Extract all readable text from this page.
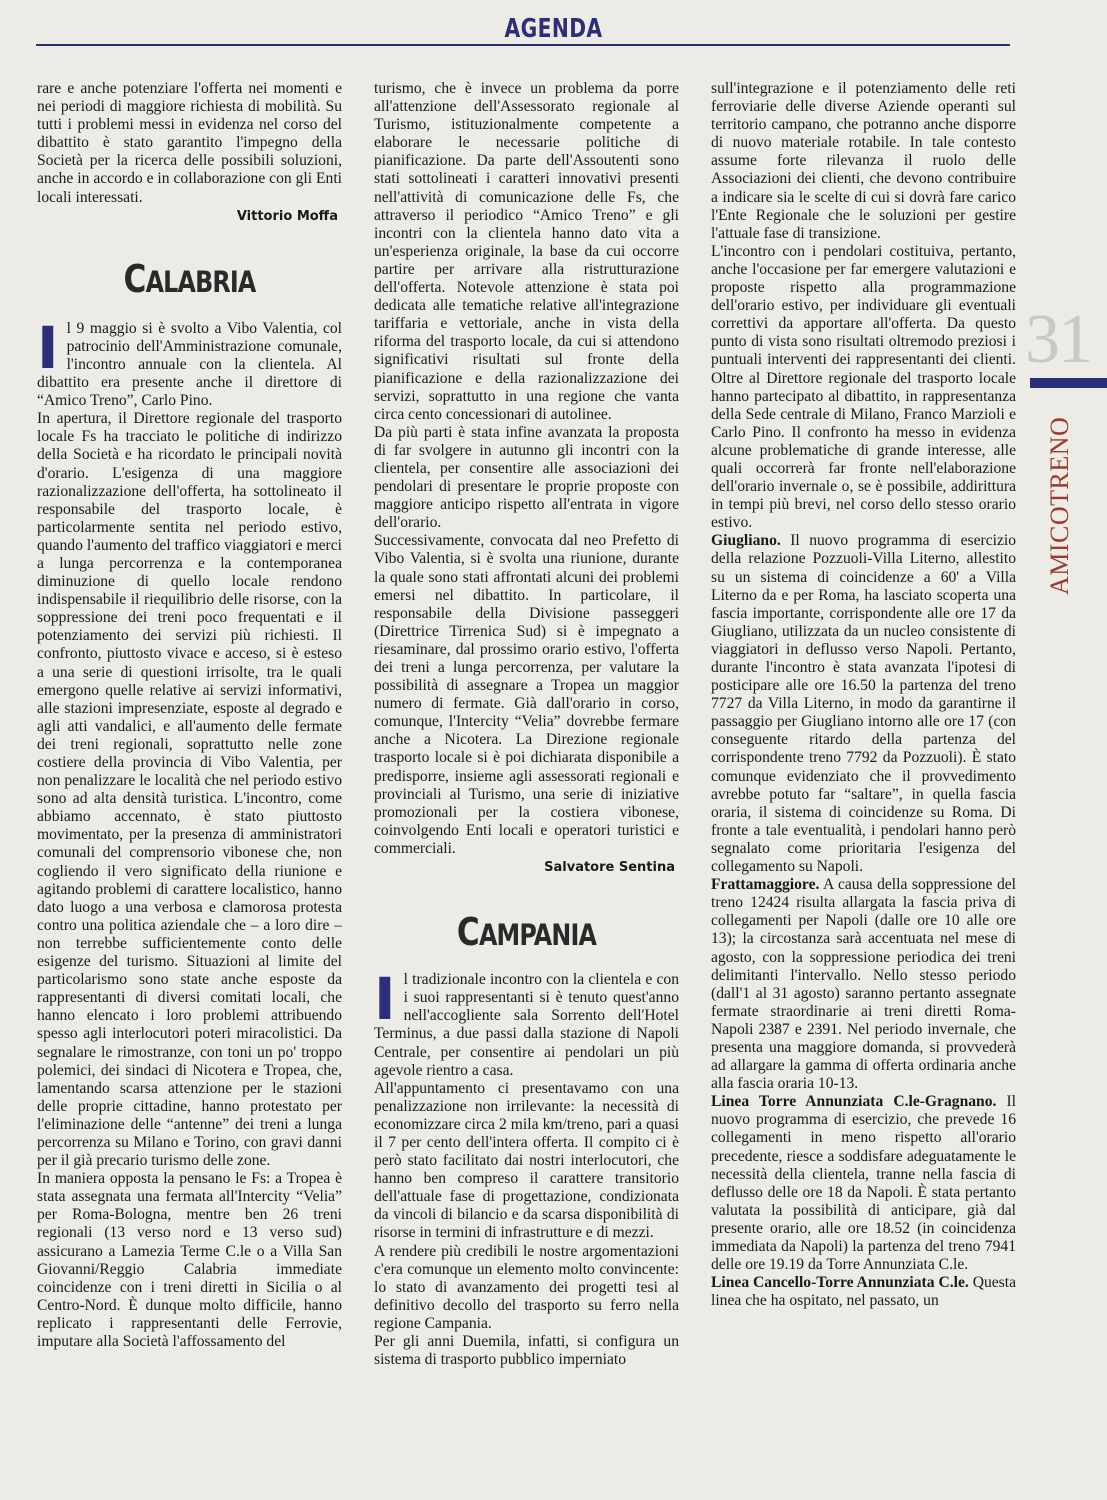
AGENDA

rare e anche potenziare l'offerta nei momenti e nei periodi di maggiore richiesta di mobilità. Su tutti i problemi messi in evidenza nel corso del dibattito è stato garantito l'impegno della Società per la ricerca delle possibili soluzioni, anche in accordo e in collaborazione con gli Enti locali interessati.

Vittorio Moffa
CALABRIA

Il 9 maggio si è svolto a Vibo Valentia, col patrocinio dell'Amministrazione comunale, l'incontro annuale con la clientela. Al dibattito era presente anche il direttore di “Amico Treno”, Carlo Pino.

In apertura, il Direttore regionale del trasporto locale Fs ha tracciato le politiche di indirizzo della Società e ha ricordato le principali novità d'orario. L'esigenza di una maggiore razionalizzazione dell'offerta, ha sottolineato il responsabile del trasporto locale, è particolarmente sentita nel periodo estivo, quando l'aumento del traffico viaggiatori e merci a lunga percorrenza e la contemporanea diminuzione di quello locale rendono indispensabile il riequilibrio delle risorse, con la soppressione dei treni poco frequentati e il potenziamento dei servizi più richiesti. Il confronto, piuttosto vivace e acceso, si è esteso a una serie di questioni irrisolte, tra le quali emergono quelle relative ai servizi informativi, alle stazioni impresenziate, esposte al degrado e agli atti vandalici, e all'aumento delle fermate dei treni regionali, soprattutto nelle zone costiere della provincia di Vibo Valentia, per non penalizzare le località che nel periodo estivo sono ad alta densità turistica. L'incontro, come abbiamo accennato, è stato piuttosto movimentato, per la presenza di amministratori comunali del comprensorio vibonese che, non cogliendo il vero significato della riunione e agitando problemi di carattere localistico, hanno dato luogo a una verbosa e clamorosa protesta contro una politica aziendale che – a loro dire – non terrebbe sufficientemente conto delle esigenze del turismo. Situazioni al limite del particolarismo sono state anche esposte da rappresentanti di diversi comitati locali, che hanno elencato i loro problemi attribuendo spesso agli interlocutori poteri miracolistici. Da segnalare le rimostranze, con toni un po' troppo polemici, dei sindaci di Nicotera e Tropea, che, lamentando scarsa attenzione per le stazioni delle proprie cittadine, hanno protestato per l'eliminazione delle “antenne” dei treni a lunga percorrenza su Milano e Torino, con gravi danni per il già precario turismo delle zone.

In maniera opposta la pensano le Fs: a Tropea è stata assegnata una fermata all'Intercity “Velia” per Roma-Bologna, mentre ben 26 treni regionali (13 verso nord e 13 verso sud) assicurano a Lamezia Terme C.le o a Villa San Giovanni/Reggio Calabria immediate coincidenze con i treni diretti in Sicilia o al Centro-Nord. È dunque molto difficile, hanno replicato i rappresentanti delle Ferrovie, imputare alla Società l'affossamento del

turismo, che è invece un problema da porre all'attenzione dell'Assessorato regionale al Turismo, istituzionalmente competente a elaborare le necessarie politiche di pianificazione. Da parte dell'Assoutenti sono stati sottolineati i caratteri innovativi presenti nell'attività di comunicazione delle Fs, che attraverso il periodico “Amico Treno” e gli incontri con la clientela hanno dato vita a un'esperienza originale, la base da cui occorre partire per arrivare alla ristrutturazione dell'offerta. Notevole attenzione è stata poi dedicata alle tematiche relative all'integrazione tariffaria e vettoriale, anche in vista della riforma del trasporto locale, da cui si attendono significativi risultati sul fronte della pianificazione e della razionalizzazione dei servizi, soprattutto in una regione che vanta circa cento concessionari di autolinee.

Da più parti è stata infine avanzata la proposta di far svolgere in autunno gli incontri con la clientela, per consentire alle associazioni dei pendolari di presentare le proprie proposte con maggiore anticipo rispetto all'entrata in vigore dell'orario.

Successivamente, convocata dal neo Prefetto di Vibo Valentia, si è svolta una riunione, durante la quale sono stati affrontati alcuni dei problemi emersi nel dibattito. In particolare, il responsabile della Divisione passeggeri (Direttrice Tirrenica Sud) si è impegnato a riesaminare, dal prossimo orario estivo, l'offerta dei treni a lunga percorrenza, per valutare la possibilità di assegnare a Tropea un maggior numero di fermate. Già dall'orario in corso, comunque, l'Intercity “Velia” dovrebbe fermare anche a Nicotera. La Direzione regionale trasporto locale si è poi dichiarata disponibile a predisporre, insieme agli assessorati regionali e provinciali al Turismo, una serie di iniziative promozionali per la costiera vibonese, coinvolgendo Enti locali e operatori turistici e commerciali.

Salvatore Sentina
CAMPANIA

Il tradizionale incontro con la clientela e con i suoi rappresentanti si è tenuto quest'anno nell'accogliente sala Sorrento dell'Hotel Terminus, a due passi dalla stazione di Napoli Centrale, per consentire ai pendolari un più agevole rientro a casa.

All'appuntamento ci presentavamo con una penalizzazione non irrilevante: la necessità di economizzare circa 2 mila km/treno, pari a quasi il 7 per cento dell'intera offerta. Il compito ci è però stato facilitato dai nostri interlocutori, che hanno ben compreso il carattere transitorio dell'attuale fase di progettazione, condizionata da vincoli di bilancio e da scarsa disponibilità di risorse in termini di infrastrutture e di mezzi.

A rendere più credibili le nostre argomentazioni c'era comunque un elemento molto convincente: lo stato di avanzamento dei progetti tesi al definitivo decollo del trasporto su ferro nella regione Campania.

Per gli anni Duemila, infatti, si configura un sistema di trasporto pubblico imperniato

sull'integrazione e il potenziamento delle reti ferroviarie delle diverse Aziende operanti sul territorio campano, che potranno anche disporre di nuovo materiale rotabile. In tale contesto assume forte rilevanza il ruolo delle Associazioni dei clienti, che devono contribuire a indicare sia le scelte di cui si dovrà fare carico l'Ente Regionale che le soluzioni per gestire l'attuale fase di transizione.

L'incontro con i pendolari costituiva, pertanto, anche l'occasione per far emergere valutazioni e proposte rispetto alla programmazione dell'orario estivo, per individuare gli eventuali correttivi da apportare all'offerta. Da questo punto di vista sono risultati oltremodo preziosi i puntuali interventi dei rappresentanti dei clienti. Oltre al Direttore regionale del trasporto locale hanno partecipato al dibattito, in rappresentanza della Sede centrale di Milano, Franco Marzioli e Carlo Pino. Il confronto ha messo in evidenza alcune problematiche di grande interesse, alle quali occorrerà far fronte nell'elaborazione dell'orario invernale o, se è possibile, addirittura in tempi più brevi, nel corso dello stesso orario estivo.

Giugliano. Il nuovo programma di esercizio della relazione Pozzuoli-Villa Literno, allestito su un sistema di coincidenze a 60' a Villa Literno da e per Roma, ha lasciato scoperta una fascia importante, corrispondente alle ore 17 da Giugliano, utilizzata da un nucleo consistente di viaggiatori in deflusso verso Napoli. Pertanto, durante l'incontro è stata avanzata l'ipotesi di posticipare alle ore 16.50 la partenza del treno 7727 da Villa Literno, in modo da garantirne il passaggio per Giugliano intorno alle ore 17 (con conseguente ritardo della partenza del corrispondente treno 7792 da Pozzuoli). È stato comunque evidenziato che il provvedimento avrebbe potuto far “saltare”, in quella fascia oraria, il sistema di coincidenze su Roma. Di fronte a tale eventualità, i pendolari hanno però segnalato come prioritaria l'esigenza del collegamento su Napoli.

Frattamaggiore. A causa della soppressione del treno 12424 risulta allargata la fascia priva di collegamenti per Napoli (dalle ore 10 alle ore 13); la circostanza sarà accentuata nel mese di agosto, con la soppressione periodica dei treni delimitanti l'intervallo. Nello stesso periodo (dall'1 al 31 agosto) saranno pertanto assegnate fermate straordinarie ai treni diretti Roma-Napoli 2387 e 2391. Nel periodo invernale, che presenta una maggiore domanda, si provvederà ad allargare la gamma di offerta ordinaria anche alla fascia oraria 10-13.

Linea Torre Annunziata C.le-Gragnano. Il nuovo programma di esercizio, che prevede 16 collegamenti in meno rispetto all'orario precedente, riesce a soddisfare adeguatamente le necessità della clientela, tranne nella fascia di deflusso delle ore 18 da Napoli. È stata pertanto valutata la possibilità di anticipare, già dal presente orario, alle ore 18.52 (in coincidenza immediata da Napoli) la partenza del treno 7941 delle ore 19.19 da Torre Annunziata C.le.

Linea Cancello-Torre Annunziata C.le. Questa linea che ha ospitato, nel passato, un

31
AMICOTRENO
